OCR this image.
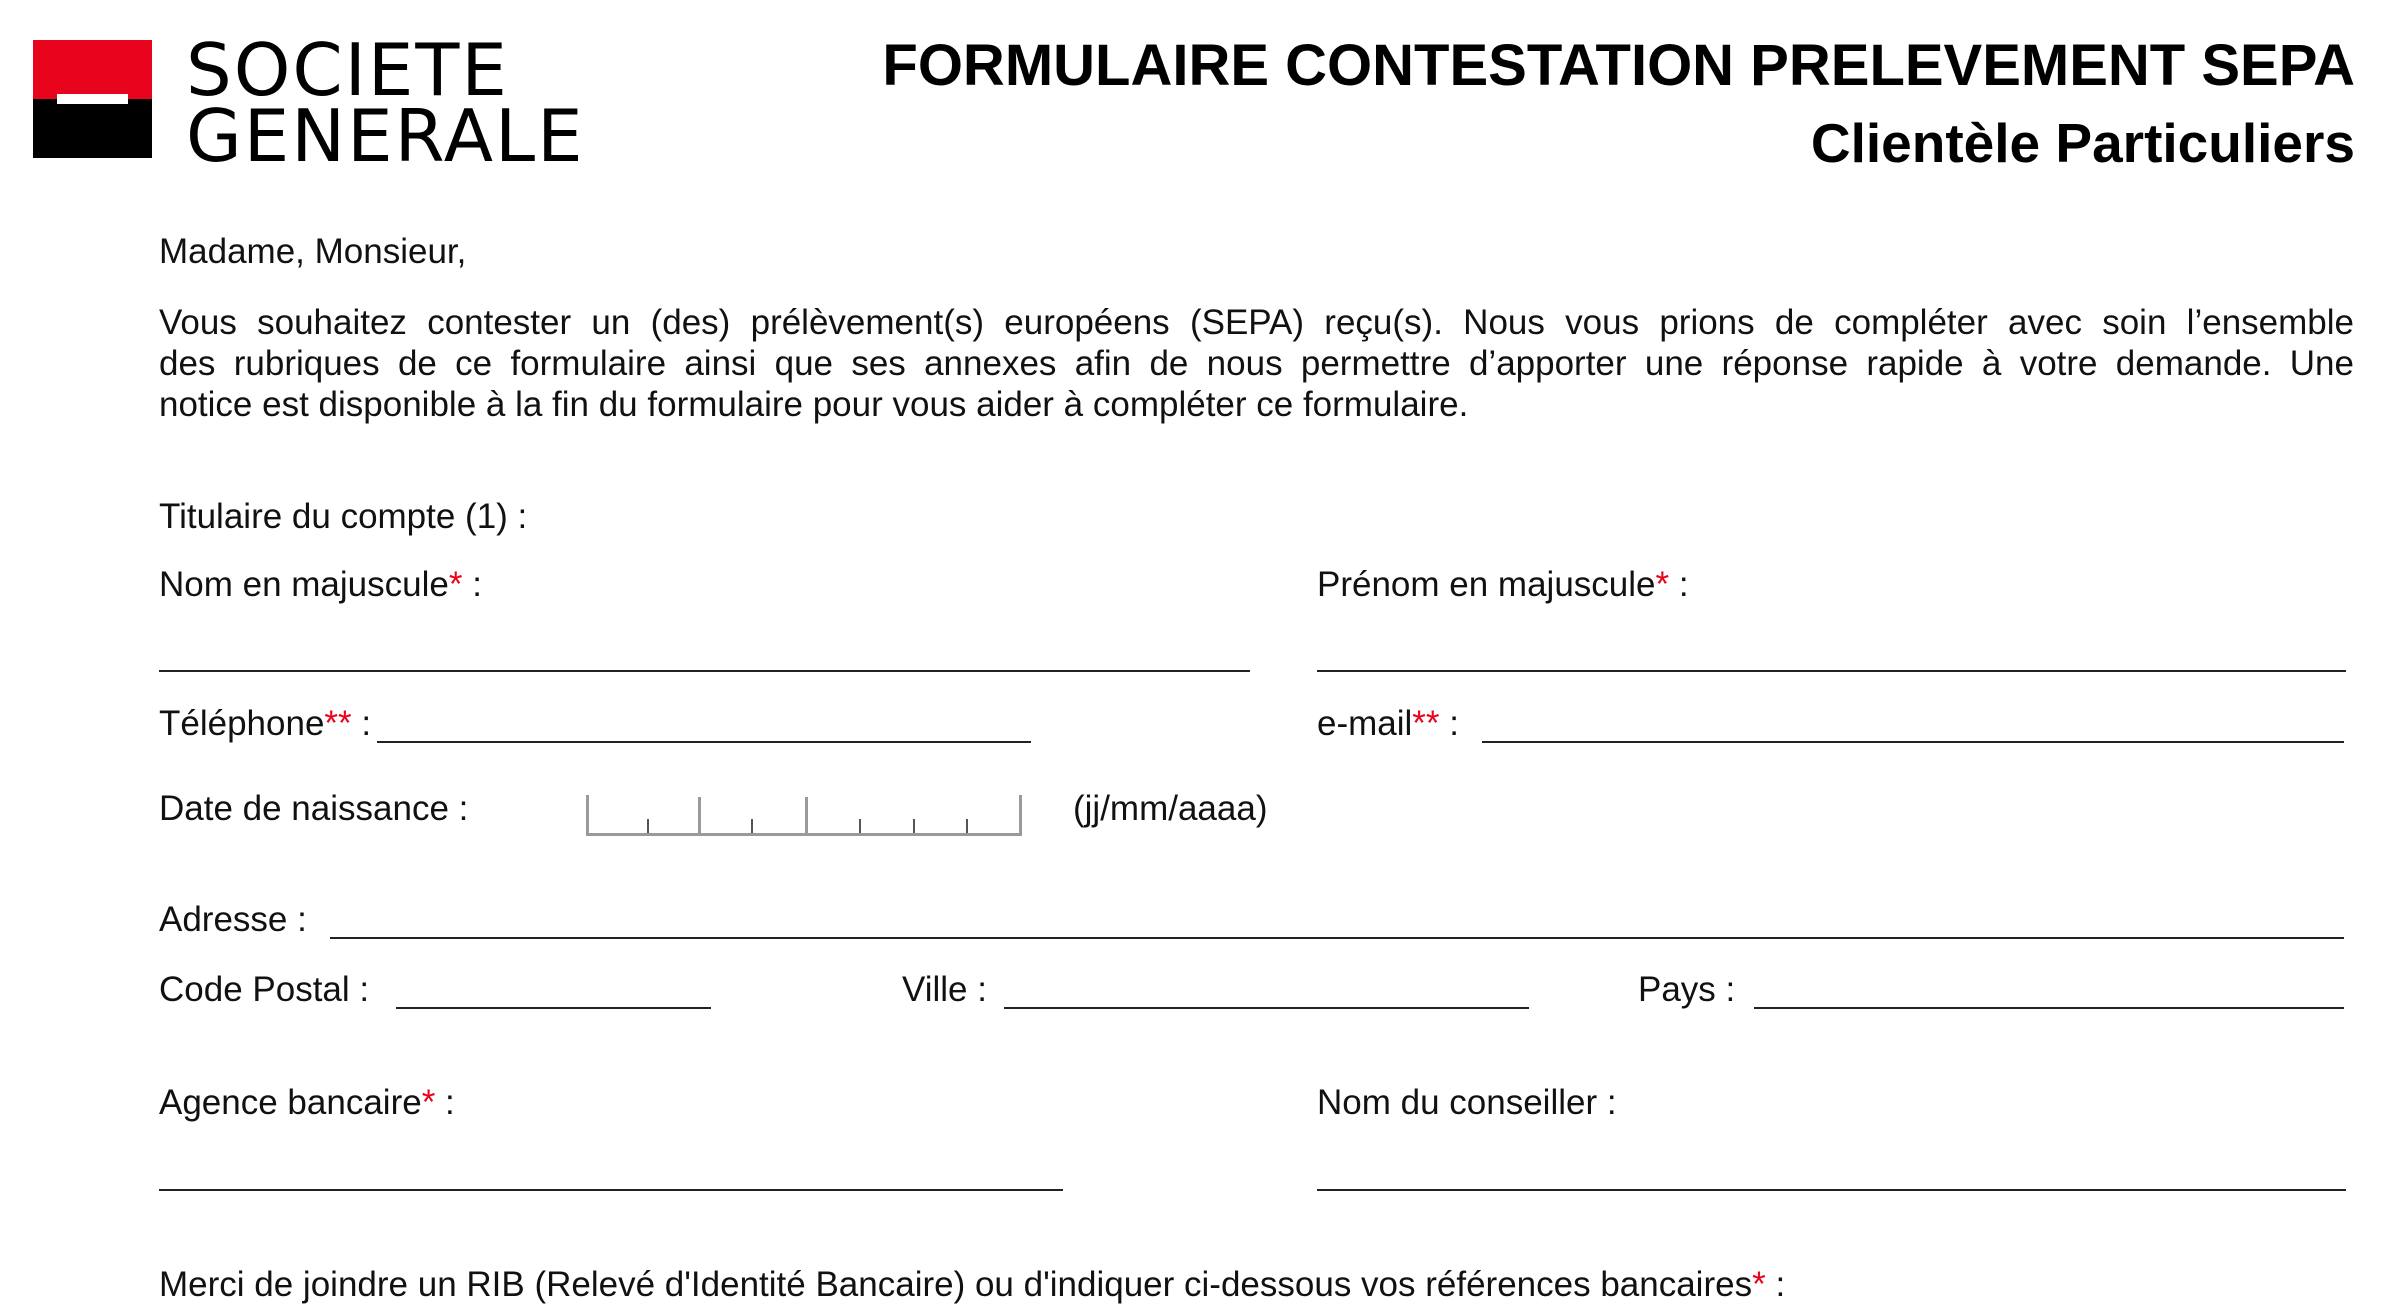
SOCIETE
GENERALE
FORMULAIRE CONTESTATION PRELEVEMENT SEPA
Clientèle Particuliers
Madame, Monsieur,
Vous souhaitez contester un (des) prélèvement(s) européens (SEPA) reçu(s). Nous vous prions de compléter avec soin l’ensemble
des rubriques de ce formulaire ainsi que ses annexes afin de nous permettre d’apporter une réponse rapide à votre demande. Une
notice est disponible à la fin du formulaire pour vous aider à compléter ce formulaire.
Titulaire du compte (1) :
Nom en majuscule* :	Prénom en majuscule* :
Téléphone** :	e-mail** :
Date de naissance :	(jj/mm/aaaa)
Adresse :
Code Postal :	Ville :	Pays :
Agence bancaire* :	Nom du conseiller :
Merci de joindre un RIB (Relevé d'Identité Bancaire) ou d'indiquer ci-dessous vos références bancaires* :
